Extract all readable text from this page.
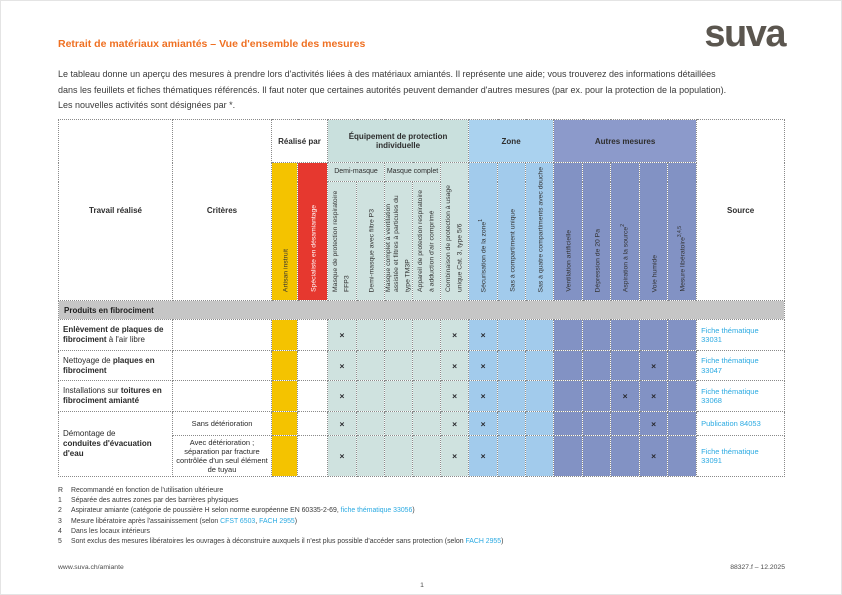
Retrait de matériaux amiantés – Vue d'ensemble des mesures	suva
Le tableau donne un aperçu des mesures à prendre lors d'activités liées à des matériaux amiantés. Il représente une aide; vous trouverez des informations détaillées
dans les feuillets et fiches thématiques référencés. Il faut noter que certaines autorités peuvent demander d'autres mesures (par ex. pour la protection de la population).
Les nouvelles activités sont désignées par *.
Travail réalisé	Critères	Réalisé par		Équipement de protection individuelle					Zone			Autres mesures					Source
		Artisan instruit	Spécialiste en désamiantage	Demi-masque		Masque complet		Combinaison de protection à usage unique Cat. 3, type 5/6	Sécurisation de la zone$^1$	Sas à compartiment unique	Sas à quatre compartiments avec douche	Ventilation artificielle	Dépression de 20 Pa	Aspiration à la source$^2$	Voie humide	Mesure libératoire$^{3,4,5}$
				Masque de protection respiratoire FFP3	Demi-masque avec filtre P3	Masque complet à ventilation assistée et filtres à particules du type TM3P	Appareil de protection respiratoire à adduction d'air comprimé										
Produits en fibrociment																	
Enlèvement de plaques de fibrociment à l'air libre				×				×	×								Fiche thématique 33031
Nettoyage de plaques en fibrociment				×				×	×						×		Fiche thématique 33047
Installations sur toitures en fibrociment amianté				×				×	×					×	×		Fiche thématique 33068
Démontage de
conduites d'évacuation d'eau	Sans détérioration			×				×	×						×		Publication 84053
	Avec détérioration ; séparation par fracture contrôlée d'un seul élément de tuyau			×				×	×						×		Fiche thématique 33091
R	Recommandé en fonction de l'utilisation ultérieure
1	Séparée des autres zones par des barrières physiques
2	Aspirateur amiante (catégorie de poussière H selon norme européenne EN 60335-2-69, fiche thématique 33056)
3	Mesure libératoire après l'assainissement (selon CFST 6503, FACH 2955)
4	Dans les locaux intérieurs
5	Sont exclus des mesures libératoires les ouvrages à déconstruire auxquels il n'est plus possible d'accéder sans protection (selon FACH 2955)
www.suva.ch/amiante	88327.f – 12.2025
1
